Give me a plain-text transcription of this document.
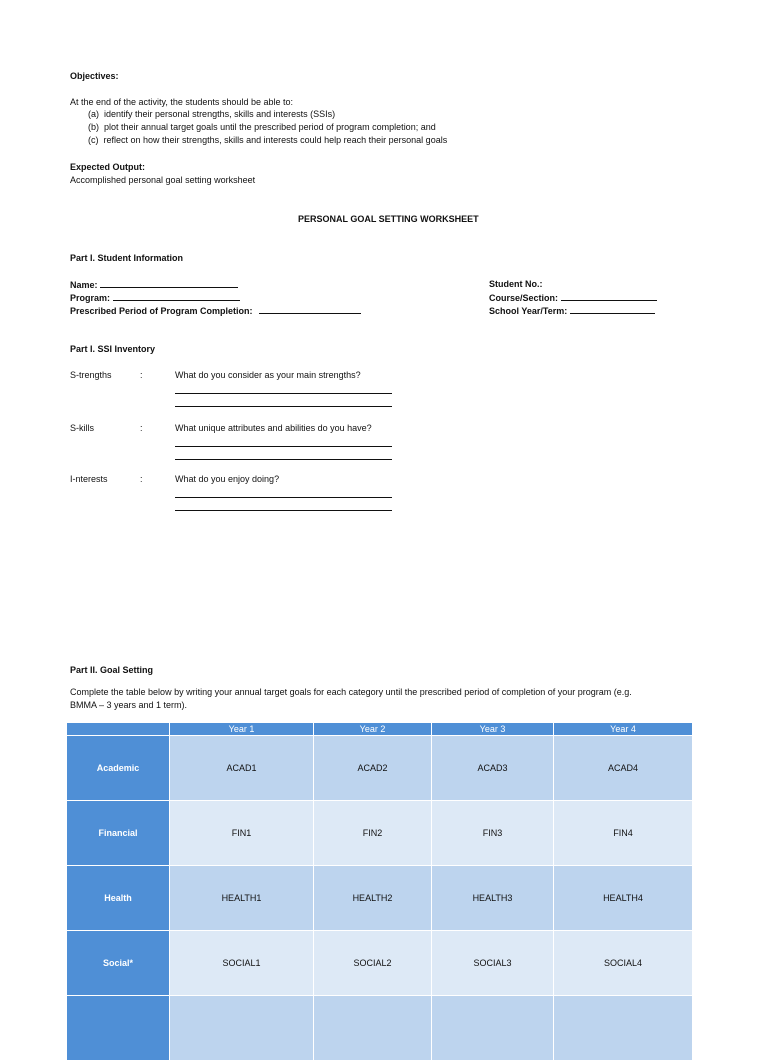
Objectives:
At the end of the activity, the students should be able to:
(a) identify their personal strengths, skills and interests (SSIs)
(b) plot their annual target goals until the prescribed period of program completion; and
(c) reflect on how their strengths, skills and interests could help reach their personal goals
Expected Output:
Accomplished personal goal setting worksheet
PERSONAL GOAL SETTING WORKSHEET
Part I. Student Information
Name:
Program:
Prescribed Period of Program Completion:
Student No.:
Course/Section:
School Year/Term:
Part I. SSI Inventory
S-trengths	:	What do you consider as your main strengths?
S-kills	:	What unique attributes and abilities do you have?
I-nterests	:	What do you enjoy doing?
Part II. Goal Setting
Complete the table below by writing your annual target goals for each category until the prescribed period of completion of your program (e.g.
BMMA – 3 years and 1 term).
	Year 1	Year 2	Year 3	Year 4
Academic	ACAD1	ACAD2	ACAD3	ACAD4
Financial	FIN1	FIN2	FIN3	FIN4
Health	HEALTH1	HEALTH2	HEALTH3	HEALTH4
Social*	SOCIAL1	SOCIAL2	SOCIAL3	SOCIAL4
